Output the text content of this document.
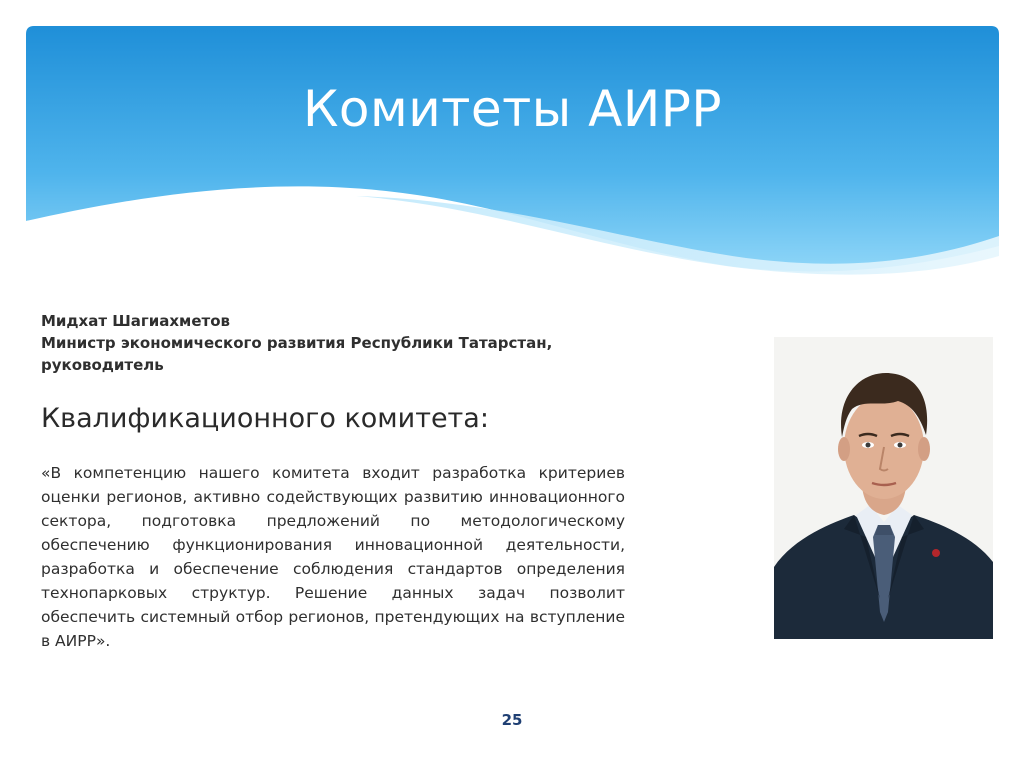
Комитеты АИРР
Мидхат Шагиахметов
Министр экономического развития Республики Татарстан, руководитель
Квалификационного комитета:

«В компетенцию нашего комитета входит разработка критериев оценки регионов, активно содействующих развитию инновационного сектора, подготовка предложений по методологическому обеспечению функционирования инновационной деятельности, разработка и обеспечение соблюдения стандартов определения технопарковых структур. Решение данных задач позволит обеспечить системный отбор регионов, претендующих на вступление в АИРР».

25
